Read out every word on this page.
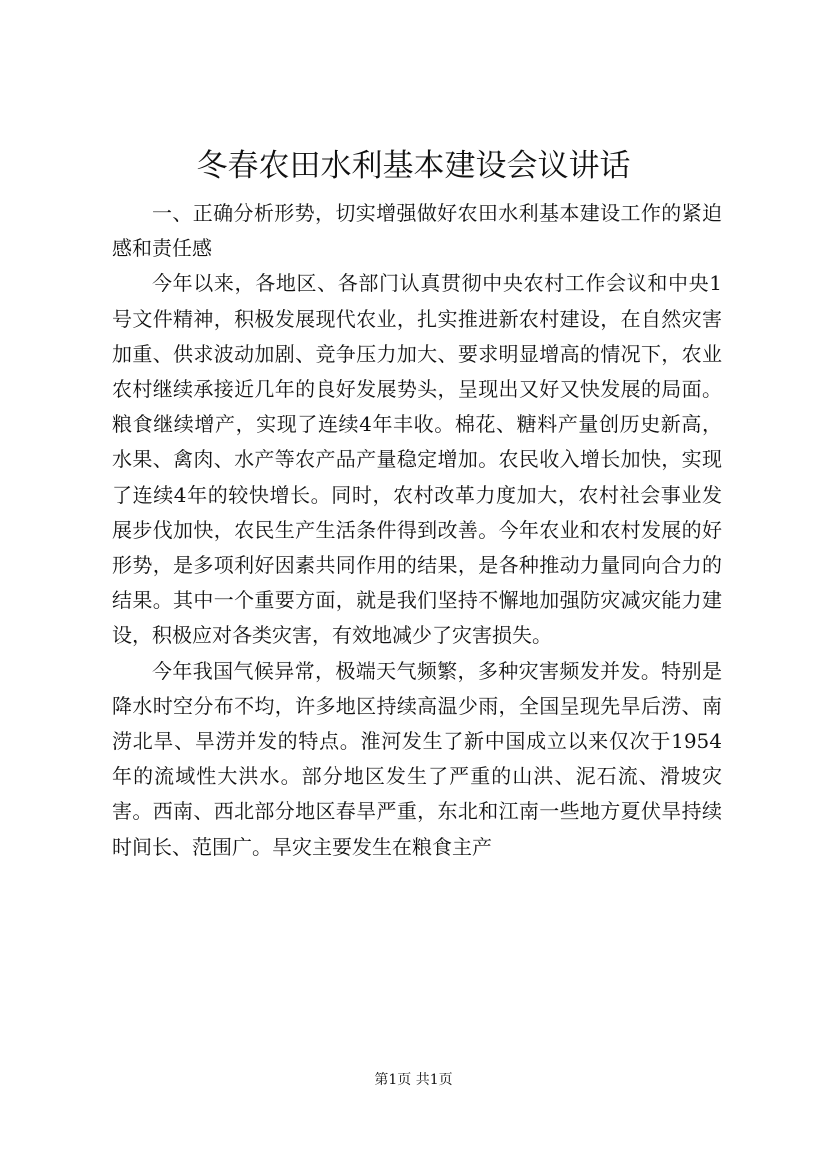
冬春农田水利基本建设会议讲话

一、正确分析形势，切实增强做好农田水利基本建设工作的紧迫感和责任感

今年以来，各地区、各部门认真贯彻中央农村工作会议和中央1号文件精神，积极发展现代农业，扎实推进新农村建设，在自然灾害加重、供求波动加剧、竞争压力加大、要求明显增高的情况下，农业农村继续承接近几年的良好发展势头，呈现出又好又快发展的局面。粮食继续增产，实现了连续4年丰收。棉花、糖料产量创历史新高，水果、禽肉、水产等农产品产量稳定增加。农民收入增长加快，实现了连续4年的较快增长。同时，农村改革力度加大，农村社会事业发展步伐加快，农民生产生活条件得到改善。今年农业和农村发展的好形势，是多项利好因素共同作用的结果，是各种推动力量同向合力的结果。其中一个重要方面，就是我们坚持不懈地加强防灾减灾能力建设，积极应对各类灾害，有效地减少了灾害损失。

今年我国气候异常，极端天气频繁，多种灾害频发并发。特别是降水时空分布不均，许多地区持续高温少雨，全国呈现先旱后涝、南涝北旱、旱涝并发的特点。淮河发生了新中国成立以来仅次于1954年的流域性大洪水。部分地区发生了严重的山洪、泥石流、滑坡灾害。西南、西北部分地区春旱严重，东北和江南一些地方夏伏旱持续时间长、范围广。旱灾主要发生在粮食主产

第1页 共1页
